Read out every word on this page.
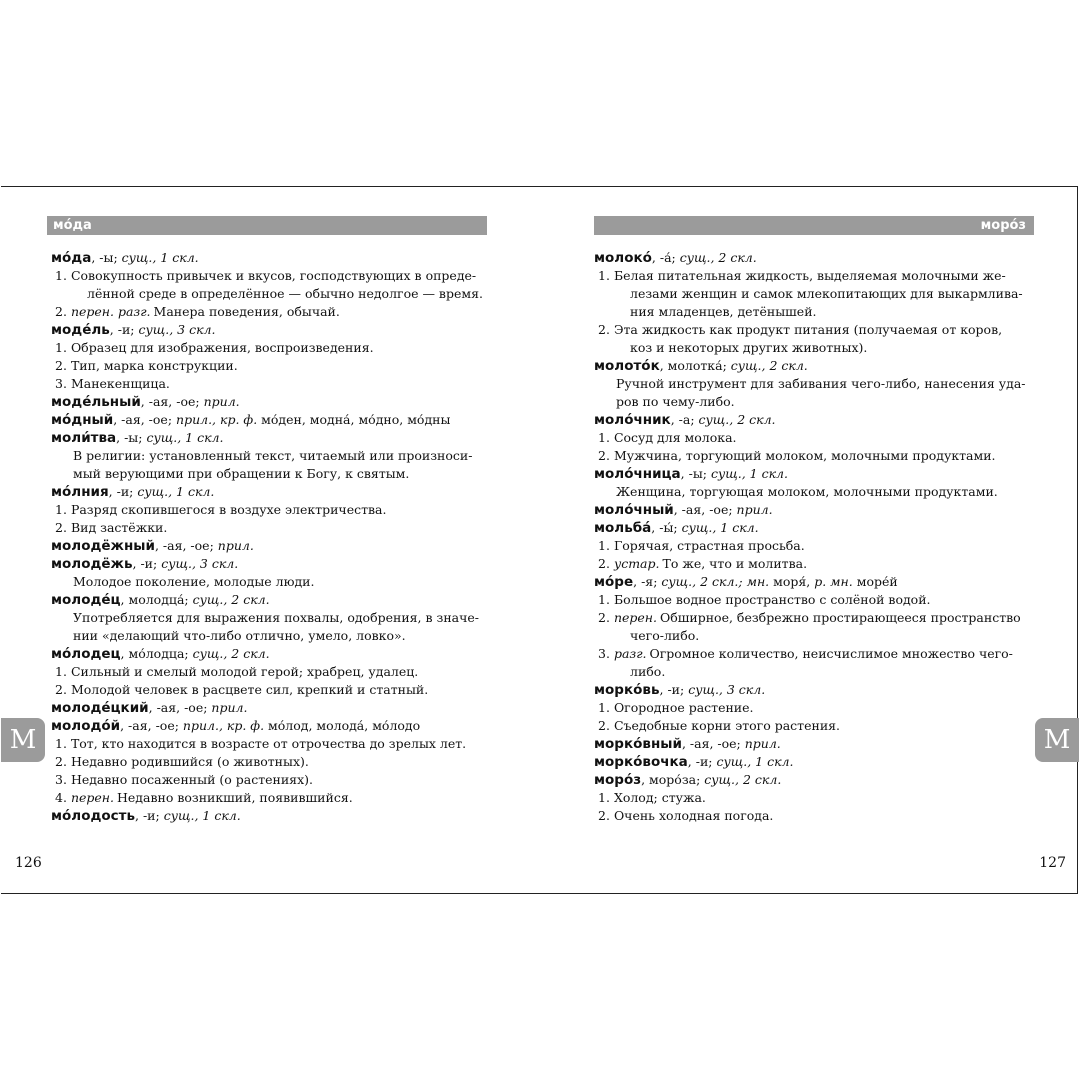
мо́да
мо́да, -ы; сущ., 1 скл.
1. Совокупность привычек и вкусов, господствующих в опреде-
лённой среде в определённое — обычно недолгое — время.
2. перен. разг. Манера поведения, обычай.
моде́ль, -и; сущ., 3 скл.
1. Образец для изображения, воспроизведения.
2. Тип, марка конструкции.
3. Манекенщица.
моде́льный, -ая, -ое; прил.
мо́дный, -ая, -ое; прил., кр. ф. мо́ден, модна́, мо́дно, мо́дны
моли́тва, -ы; сущ., 1 скл.
В религии: установленный текст, читаемый или произноси-
мый верующими при обращении к Богу, к святым.
мо́лния, -и; сущ., 1 скл.
1. Разряд скопившегося в воздухе электричества.
2. Вид застёжки.
молодёжный, -ая, -ое; прил.
молодёжь, -и; сущ., 3 скл.
Молодое поколение, молодые люди.
молоде́ц, молодца́; сущ., 2 скл.
Употребляется для выражения похвалы, одобрения, в значе-
нии «делающий что-либо отлично, умело, ловко».
мо́лодец, мо́лодца; сущ., 2 скл.
1. Сильный и смелый молодой герой; храбрец, удалец.
2. Молодой человек в расцвете сил, крепкий и статный.
молоде́цкий, -ая, -ое; прил.
молодо́й, -ая, -ое; прил., кр. ф. мо́лод, молода́, мо́лодо
1. Тот, кто находится в возрасте от отрочества до зрелых лет.
2. Недавно родившийся (о животных).
3. Недавно посаженный (о растениях).
4. перен. Недавно возникший, появившийся.
мо́лодость, -и; сущ., 1 скл.
М
126
моро́з
молоко́, -а́; сущ., 2 скл.
1. Белая питательная жидкость, выделяемая молочными же-
лезами женщин и самок млекопитающих для выкармлива-
ния младенцев, детёнышей.
2. Эта жидкость как продукт питания (получаемая от коров,
коз и некоторых других животных).
молото́к, молотка́; сущ., 2 скл.
Ручной инструмент для забивания чего-либо, нанесения уда-
ров по чему-либо.
моло́чник, -а; сущ., 2 скл.
1. Сосуд для молока.
2. Мужчина, торгующий молоком, молочными продуктами.
моло́чница, -ы; сущ., 1 скл.
Женщина, торгующая молоком, молочными продуктами.
моло́чный, -ая, -ое; прил.
мольба́, -ы́; сущ., 1 скл.
1. Горячая, страстная просьба.
2. устар. То же, что и молитва.
мо́ре, -я; сущ., 2 скл.; мн. моря́, р. мн. море́й
1. Большое водное пространство с солёной водой.
2. перен. Обширное, безбрежно простирающееся пространство
чего-либо.
3. разг. Огромное количество, неисчислимое множество чего-
либо.
морко́вь, -и; сущ., 3 скл.
1. Огородное растение.
2. Съедобные корни этого растения.
морко́вный, -ая, -ое; прил.
морко́вочка, -и; сущ., 1 скл.
моро́з, моро́за; сущ., 2 скл.
1. Холод; стужа.
2. Очень холодная погода.
М
127
